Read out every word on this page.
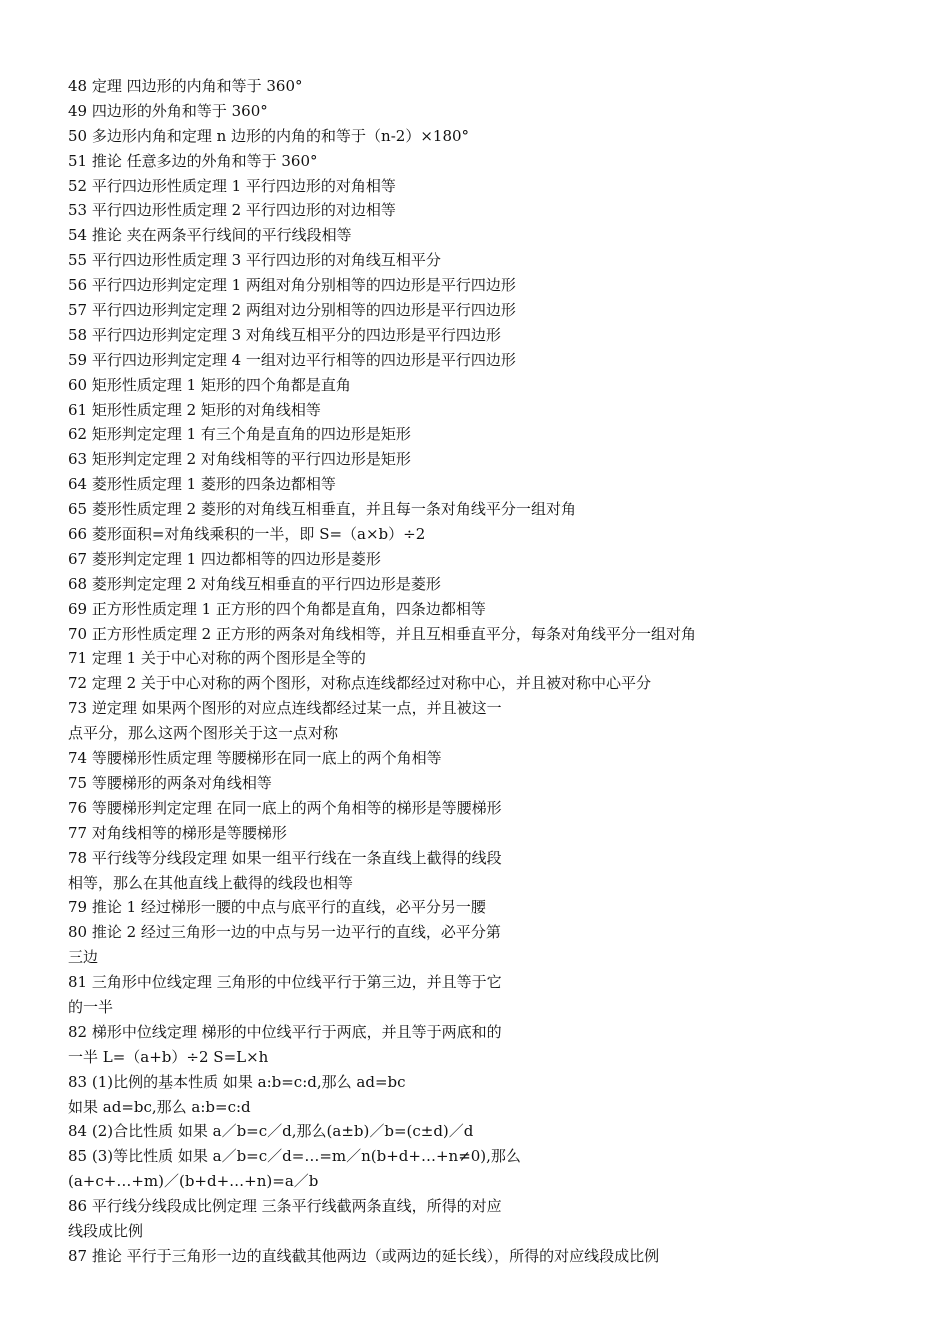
48 定理 四边形的内角和等于 360°
49 四边形的外角和等于 360°
50 多边形内角和定理 n 边形的内角的和等于（n-2）×180°
51 推论 任意多边的外角和等于 360°
52 平行四边形性质定理 1 平行四边形的对角相等
53 平行四边形性质定理 2 平行四边形的对边相等
54 推论 夹在两条平行线间的平行线段相等
55 平行四边形性质定理 3 平行四边形的对角线互相平分
56 平行四边形判定定理 1 两组对角分别相等的四边形是平行四边形
57 平行四边形判定定理 2 两组对边分别相等的四边形是平行四边形
58 平行四边形判定定理 3 对角线互相平分的四边形是平行四边形
59 平行四边形判定定理 4 一组对边平行相等的四边形是平行四边形
60 矩形性质定理 1 矩形的四个角都是直角
61 矩形性质定理 2 矩形的对角线相等
62 矩形判定定理 1 有三个角是直角的四边形是矩形
63 矩形判定定理 2 对角线相等的平行四边形是矩形
64 菱形性质定理 1 菱形的四条边都相等
65 菱形性质定理 2 菱形的对角线互相垂直，并且每一条对角线平分一组对角
66 菱形面积=对角线乘积的一半，即 S=（a×b）÷2
67 菱形判定定理 1 四边都相等的四边形是菱形
68 菱形判定定理 2 对角线互相垂直的平行四边形是菱形
69 正方形性质定理 1 正方形的四个角都是直角，四条边都相等
70 正方形性质定理 2 正方形的两条对角线相等，并且互相垂直平分，每条对角线平分一组对角
71 定理 1 关于中心对称的两个图形是全等的
72 定理 2 关于中心对称的两个图形，对称点连线都经过对称中心，并且被对称中心平分
73 逆定理 如果两个图形的对应点连线都经过某一点，并且被这一
点平分，那么这两个图形关于这一点对称
74 等腰梯形性质定理 等腰梯形在同一底上的两个角相等
75 等腰梯形的两条对角线相等
76 等腰梯形判定定理 在同一底上的两个角相等的梯形是等腰梯形
77 对角线相等的梯形是等腰梯形
78 平行线等分线段定理 如果一组平行线在一条直线上截得的线段
相等，那么在其他直线上截得的线段也相等
79 推论 1 经过梯形一腰的中点与底平行的直线，必平分另一腰
80 推论 2 经过三角形一边的中点与另一边平行的直线，必平分第
三边
81 三角形中位线定理 三角形的中位线平行于第三边，并且等于它
的一半
82 梯形中位线定理 梯形的中位线平行于两底，并且等于两底和的
一半 L=（a+b）÷2 S=L×h
83 (1)比例的基本性质 如果 a:b=c:d,那么 ad=bc
如果 ad=bc,那么 a:b=c:d
84 (2)合比性质 如果 a／b=c／d,那么(a±b)／b=(c±d)／d
85 (3)等比性质 如果 a／b=c／d=…=m／n(b+d+…+n≠0),那么
(a+c+…+m)／(b+d+…+n)=a／b
86 平行线分线段成比例定理 三条平行线截两条直线，所得的对应
线段成比例
87 推论 平行于三角形一边的直线截其他两边（或两边的延长线），所得的对应线段成比例
